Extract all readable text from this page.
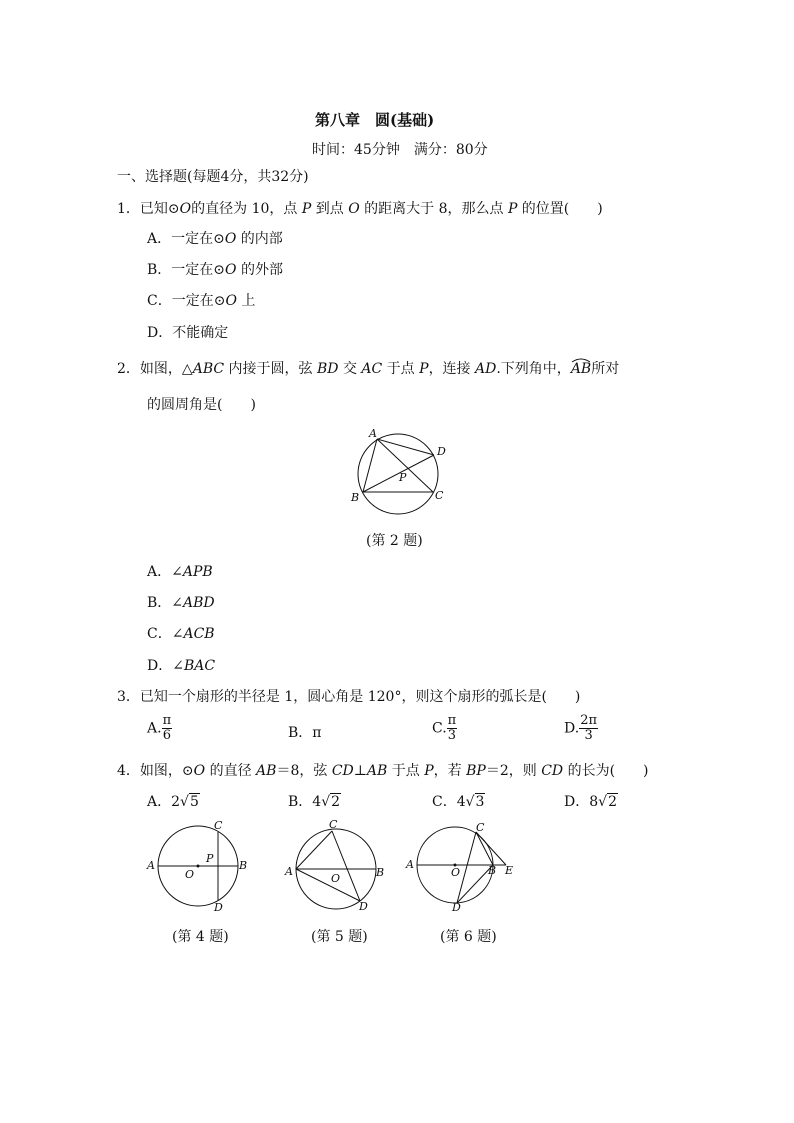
第八章　圆(基础)
时间：45分钟　满分：80分
一、选择题(每题4分，共32分)
1．已知⊙O的直径为 10，点 P 到点 O 的距离大于 8，那么点 P 的位置(　　)
A．一定在⊙O 的内部
B．一定在⊙O 的外部
C．一定在⊙O 上
D．不能确定
2．如图，△ABC 内接于圆，弦 BD 交 AC 于点 P，连接 AD.下列角中，
AB所对
的圆周角是(　　)
A
D
P
B	C
(第 2 题)
A．∠APB
B．∠ABD
C．∠ACB
D．∠BAC
3．已知一个扇形的半径是 1，圆心角是 120°，则这个扇形的弧长是(　　)
A. $\frac{\pi}{6}$	B．π	C. $\frac{\pi}{3}$	D. $\frac{2\pi}{3}$
4．如图，⊙O 的直径 AB＝8，弦 CD⊥AB 于点 P，若 BP＝2，则 CD 的长为(　　)
A．2√5	B．4√2	C．4√3	D．8√2
A	B
C
D
P
O
(第 4 题)
A	B
C
D
O
(第 5 题)
A
C
O	B E
D
(第 6 题)
